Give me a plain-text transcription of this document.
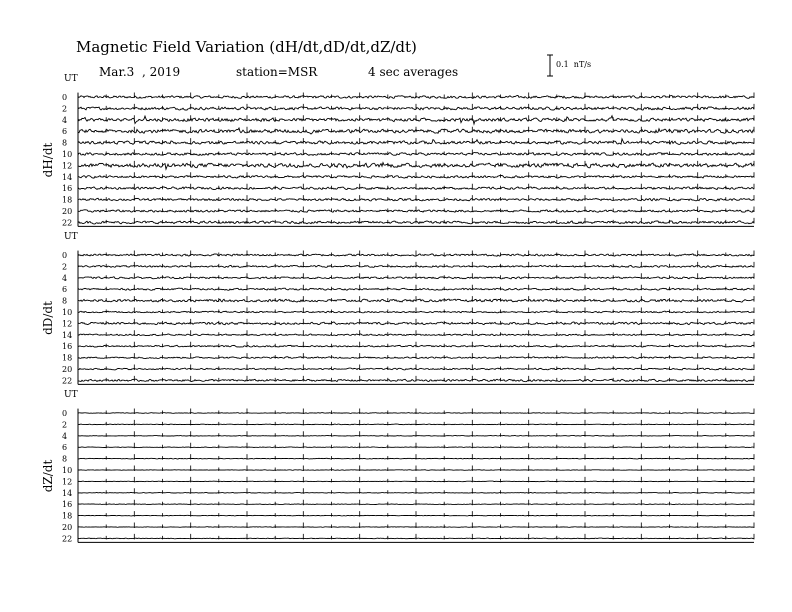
Magnetic Field Variation (dH/dt,dD/dt,dZ/dt)
Mar.3  , 2019	station=MSR	4 sec averages
0.1  nT/s
UT
dH/dt
0
2
4
6
8
10
12
14
16
18
20
22
UT
dD/dt
0
2
4
6
8
10
12
14
16
18
20
22
UT
dZ/dt
0
2
4
6
8
10
12
14
16
18
20
22
